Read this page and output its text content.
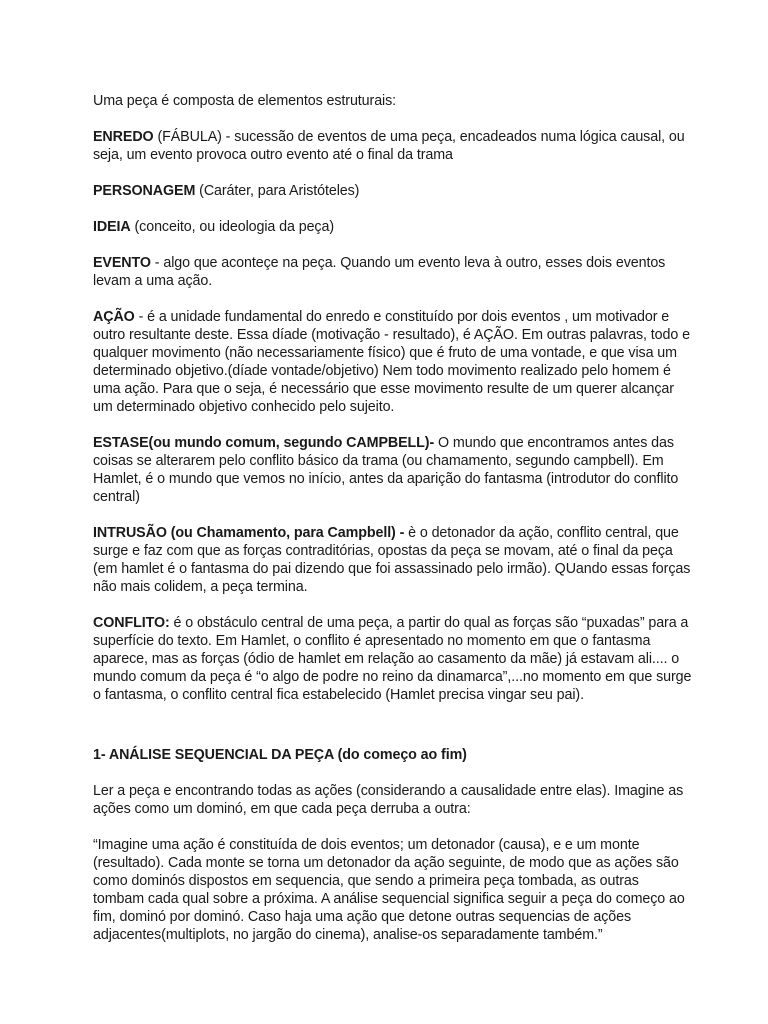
Uma peça é composta de elementos estruturais:

ENREDO (FÁBULA) - sucessão de eventos de uma peça, encadeados numa lógica causal, ou seja, um evento provoca outro evento até o final da trama

PERSONAGEM (Caráter, para Aristóteles)

IDEIA (conceito, ou ideologia da peça)

EVENTO - algo que aconteçe na peça. Quando um evento leva à outro, esses dois eventos levam a uma ação.

AÇÃO - é a unidade fundamental do enredo e constituído por dois eventos , um motivador e outro resultante deste. Essa díade (motivação - resultado), é AÇÃO. Em outras palavras, todo e qualquer movimento (não necessariamente físico) que é fruto de uma vontade, e que visa um determinado objetivo.(díade vontade/objetivo) Nem todo movimento realizado pelo homem é uma ação. Para que o seja, é necessário que esse movimento resulte de um querer alcançar um determinado objetivo conhecido pelo sujeito.

ESTASE(ou mundo comum, segundo CAMPBELL)- O mundo que encontramos antes das coisas se alterarem pelo conflito básico da trama (ou chamamento, segundo campbell). Em Hamlet, é o mundo que vemos no início, antes da aparição do fantasma (introdutor do conflito central)

INTRUSÃO (ou Chamamento, para Campbell) - è o detonador da ação, conflito central, que surge e faz com que as forças contraditórias, opostas da peça se movam, até o final da peça (em hamlet é o fantasma do pai dizendo que foi assassinado pelo irmão). QUando essas forças não mais colidem, a peça termina.

CONFLITO: é o obstáculo central de uma peça, a partir do qual as forças são “puxadas” para a superfície do texto. Em Hamlet, o conflito é apresentado no momento em que o fantasma aparece, mas as forças (ódio de hamlet em relação ao casamento da mãe) já estavam ali.... o mundo comum da peça é “o algo de podre no reino da dinamarca”,...no momento em que surge o fantasma, o conflito central fica estabelecido (Hamlet precisa vingar seu pai).

1- ANÁLISE SEQUENCIAL DA PEÇA (do começo ao fim)

Ler a peça e encontrando todas as ações (considerando a causalidade entre elas). Imagine as ações como um dominó, em que cada peça derruba a outra:

“Imagine uma ação é constituída de dois eventos; um detonador (causa), e e um monte (resultado). Cada monte se torna um detonador da ação seguinte, de modo que as ações são como dominós dispostos em sequencia, que sendo a primeira peça tombada, as outras tombam cada qual sobre a próxima. A análise sequencial significa seguir a peça do começo ao fim, dominó por dominó. Caso haja uma ação que detone outras sequencias de ações adjacentes(multiplots, no jargão do cinema), analise-os separadamente também.”
